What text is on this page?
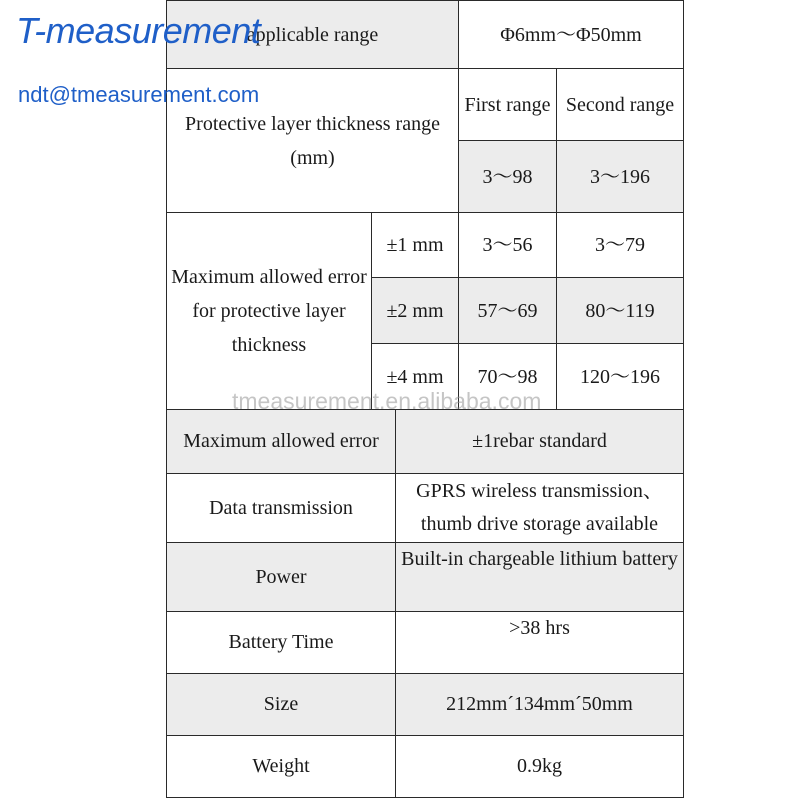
applicable range		Φ6mm～Φ50mm	
Protective layer thickness range (mm)		First range	Second range
		3～98	3～196
Maximum allowed error for protective layer thickness	±1 mm	3～56	3～79
	±2 mm	57～69	80～119
	±4 mm	70～98	120～196
Maximum allowed error	±1rebar standard
Data transmission	GPRS wireless transmission、thumb drive storage available
Power	Built-in chargeable lithium battery
Battery Time	>38 hrs
Size	212mm´134mm´50mm
Weight	0.9kg
T-measurement
ndt@tmeasurement.com
tmeasurement.en.alibaba.com
